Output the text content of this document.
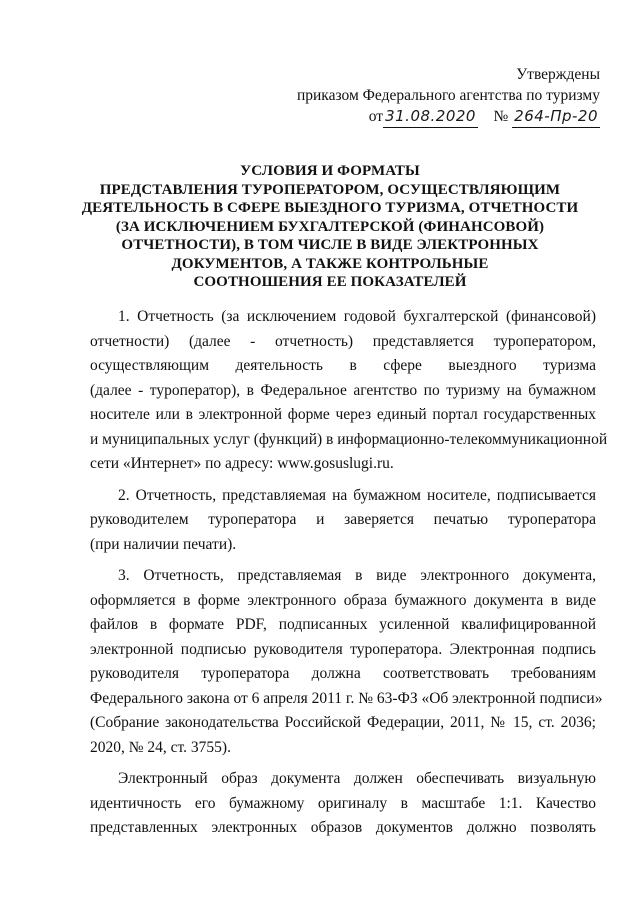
Утверждены
приказом Федерального агентства по туризму
от 31.08.2020 № 264-Пр-20
УСЛОВИЯ И ФОРМАТЫ
ПРЕДСТАВЛЕНИЯ ТУРОПЕРАТОРОМ, ОСУЩЕСТВЛЯЮЩИМ
ДЕЯТЕЛЬНОСТЬ В СФЕРЕ ВЫЕЗДНОГО ТУРИЗМА, ОТЧЕТНОСТИ
(ЗА ИСКЛЮЧЕНИЕМ БУХГАЛТЕРСКОЙ (ФИНАНСОВОЙ)
ОТЧЕТНОСТИ), В ТОМ ЧИСЛЕ В ВИДЕ ЭЛЕКТРОННЫХ
ДОКУМЕНТОВ, А ТАКЖЕ КОНТРОЛЬНЫЕ
СООТНОШЕНИЯ ЕЕ ПОКАЗАТЕЛЕЙ

1. Отчетность (за исключением годовой бухгалтерской (финансовой)
отчетности) (далее - отчетность) представляется туроператором,
осуществляющим деятельность в сфере выездного туризма
(далее - туроператор), в Федеральное агентство по туризму на бумажном
носителе или в электронной форме через единый портал государственных
и муниципальных услуг (функций) в информационно-телекоммуникационной
сети «Интернет» по адресу: www.gosuslugi.ru.

2. Отчетность, представляемая на бумажном носителе, подписывается
руководителем туроператора и заверяется печатью туроператора
(при наличии печати).

3. Отчетность, представляемая в виде электронного документа,
оформляется в форме электронного образа бумажного документа в виде
файлов в формате PDF, подписанных усиленной квалифицированной
электронной подписью руководителя туроператора. Электронная подпись
руководителя туроператора должна соответствовать требованиям
Федерального закона от 6 апреля 2011 г. № 63-ФЗ «Об электронной подписи»
(Собрание законодательства Российской Федерации, 2011, № 15, ст. 2036;
2020, № 24, ст. 3755).

Электронный образ документа должен обеспечивать визуальную
идентичность его бумажному оригиналу в масштабе 1:1. Качество
представленных электронных образов документов должно позволять
